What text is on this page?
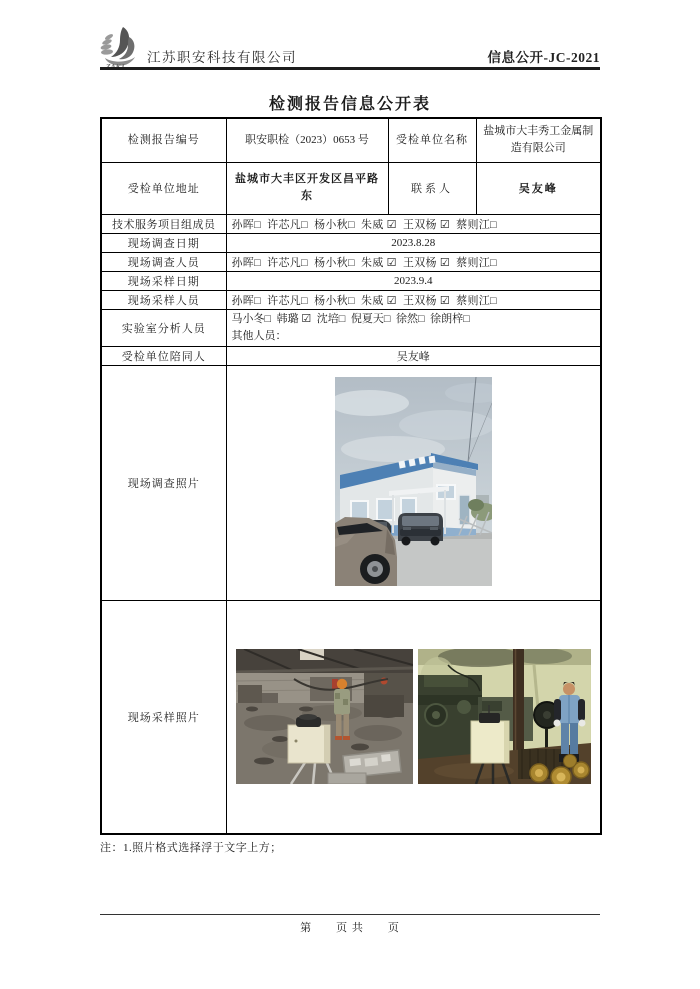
江苏职安科技有限公司	信息公开-JC-2021
检测报告信息公开表
检测报告编号	职安职检（2023）0653 号	受检单位名称	盐城市大丰秀工金属制造有限公司
受检单位地址	盐城市大丰区开发区昌平路东	联系人	吴友峰
技术服务项目组成员	孙晖□  许芯凡□  杨小秋□  朱威 ☑  王双杨 ☑  蔡则江□		
现场调查日期	2023.8.28		
现场调查人员	孙晖□  许芯凡□  杨小秋□  朱威 ☑  王双杨 ☑  蔡则江□		
现场采样日期	2023.9.4		
现场采样人员	孙晖□  许芯凡□  杨小秋□  朱威 ☑  王双杨 ☑  蔡则江□		
实验室分析人员	马小冬□  韩璐 ☑  沈培□  倪夏天□  徐然□  徐朗梓□
其他人员：		

受检单位陪同人	吴友峰		
现场调查照片	
现场采样照片	
注：1.照片格式选择浮于文字上方；
第　　页 共　　页
